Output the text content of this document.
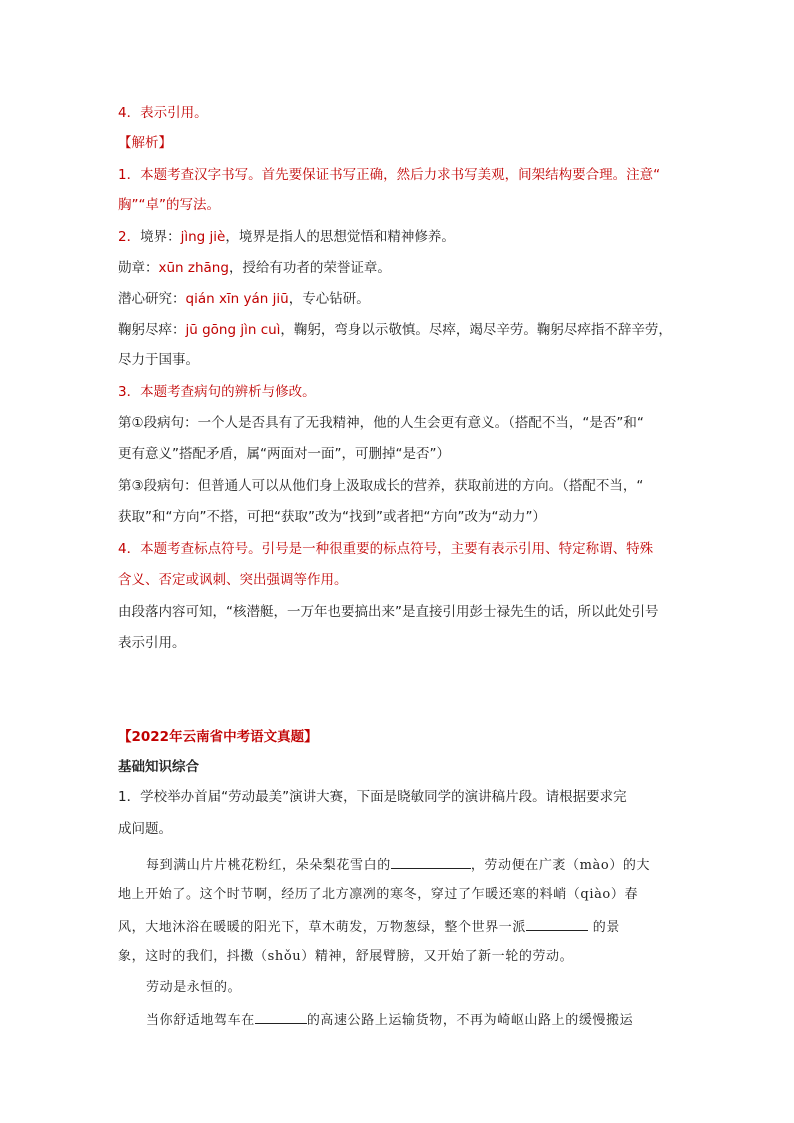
4．表示引用。
【解析】
1．本题考查汉字书写。首先要保证书写正确，然后力求书写美观，间架结构要合理。注意“
胸”“卓”的写法。
2．境界：jìng jiè，境界是指人的思想觉悟和精神修养。
勋章：xūn zhāng，授给有功者的荣誉证章。
潜心研究：qián xīn yán jiū，专心钻研。
鞠躬尽瘁：jū gōng jìn cuì，鞠躬，弯身以示敬慎。尽瘁，竭尽辛劳。鞠躬尽瘁指不辞辛劳，
尽力于国事。
3．本题考查病句的辨析与修改。
第①段病句：一个人是否具有了无我精神，他的人生会更有意义。（搭配不当，“是否”和“
更有意义”搭配矛盾，属“两面对一面”，可删掉“是否”）
第③段病句：但普通人可以从他们身上汲取成长的营养，获取前进的方向。（搭配不当，“
获取”和“方向”不搭，可把“获取”改为“找到”或者把“方向”改为“动力”）
4．本题考查标点符号。引号是一种很重要的标点符号，主要有表示引用、特定称谓、特殊
含义、否定或讽刺、突出强调等作用。
由段落内容可知，“核潜艇，一万年也要搞出来”是直接引用彭士禄先生的话，所以此处引号
表示引用。
【2022年云南省中考语文真题】
基础知识综合
1．学校举办首届“劳动最美”演讲大赛，下面是晓敏同学的演讲稿片段。请根据要求完
成问题。
每到满山片片桃花粉红，朵朵梨花雪白的	，劳动便在广袤（mào）的大
地上开始了。这个时节啊，经历了北方凛冽的寒冬，穿过了乍暖还寒的料峭（qiào）春
风，大地沐浴在暖暖的阳光下，草木萌发，万物葱绿，整个世界一派	的景
象，这时的我们，抖擞（shǒu）精神，舒展臂膀，又开始了新一轮的劳动。
劳动是永恒的。
当你舒适地驾车在	的高速公路上运输货物，不再为崎岖山路上的缓慢搬运
